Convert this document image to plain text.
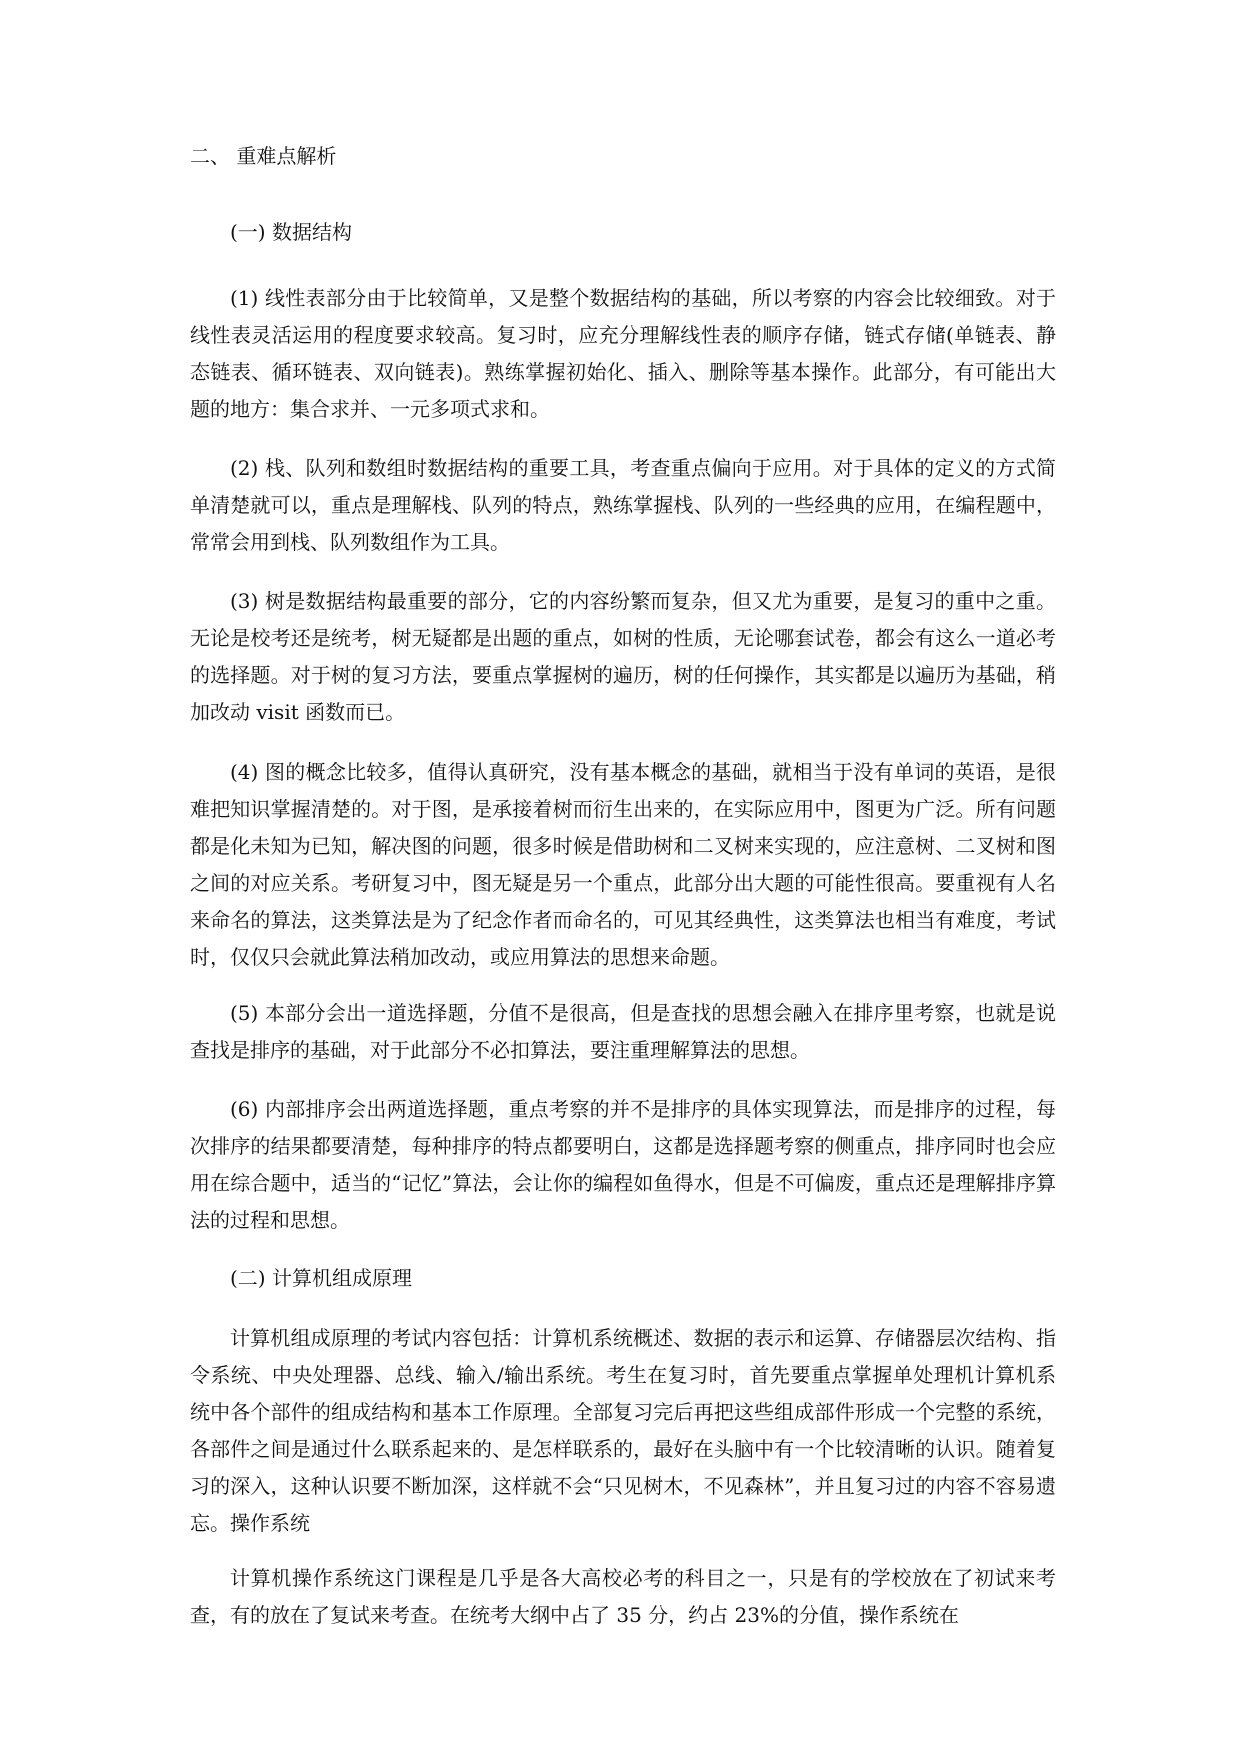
二、 重难点解析
(一) 数据结构

(1) 线性表部分由于比较简单，又是整个数据结构的基础，所以考察的内容会比较细致。对于线性表灵活运用的程度要求较高。复习时，应充分理解线性表的顺序存储，链式存储(单链表、静态链表、循环链表、双向链表)。熟练掌握初始化、插入、删除等基本操作。此部分，有可能出大题的地方：集合求并、一元多项式求和。

(2) 栈、队列和数组时数据结构的重要工具，考查重点偏向于应用。对于具体的定义的方式简单清楚就可以，重点是理解栈、队列的特点，熟练掌握栈、队列的一些经典的应用，在编程题中，常常会用到栈、队列数组作为工具。

(3) 树是数据结构最重要的部分，它的内容纷繁而复杂，但又尤为重要，是复习的重中之重。无论是校考还是统考，树无疑都是出题的重点，如树的性质，无论哪套试卷，都会有这么一道必考的选择题。对于树的复习方法，要重点掌握树的遍历，树的任何操作，其实都是以遍历为基础，稍加改动 visit 函数而已。

(4) 图的概念比较多，值得认真研究，没有基本概念的基础，就相当于没有单词的英语，是很难把知识掌握清楚的。对于图，是承接着树而衍生出来的，在实际应用中，图更为广泛。所有问题都是化未知为已知，解决图的问题，很多时候是借助树和二叉树来实现的，应注意树、二叉树和图之间的对应关系。考研复习中，图无疑是另一个重点，此部分出大题的可能性很高。要重视有人名来命名的算法，这类算法是为了纪念作者而命名的，可见其经典性，这类算法也相当有难度，考试时，仅仅只会就此算法稍加改动，或应用算法的思想来命题。

(5) 本部分会出一道选择题，分值不是很高，但是查找的思想会融入在排序里考察，也就是说查找是排序的基础，对于此部分不必扣算法，要注重理解算法的思想。

(6) 内部排序会出两道选择题，重点考察的并不是排序的具体实现算法，而是排序的过程，每次排序的结果都要清楚，每种排序的特点都要明白，这都是选择题考察的侧重点，排序同时也会应用在综合题中，适当的“记忆”算法，会让你的编程如鱼得水，但是不可偏废，重点还是理解排序算法的过程和思想。

(二) 计算机组成原理

计算机组成原理的考试内容包括：计算机系统概述、数据的表示和运算、存储器层次结构、指令系统、中央处理器、总线、输入/输出系统。考生在复习时，首先要重点掌握单处理机计算机系统中各个部件的组成结构和基本工作原理。全部复习完后再把这些组成部件形成一个完整的系统，各部件之间是通过什么联系起来的、是怎样联系的，最好在头脑中有一个比较清晰的认识。随着复习的深入，这种认识要不断加深，这样就不会“只见树木，不见森林”，并且复习过的内容不容易遗忘。操作系统

计算机操作系统这门课程是几乎是各大高校必考的科目之一，只是有的学校放在了初试来考查，有的放在了复试来考查。在统考大纲中占了 35 分，约占 23%的分值，操作系统在
